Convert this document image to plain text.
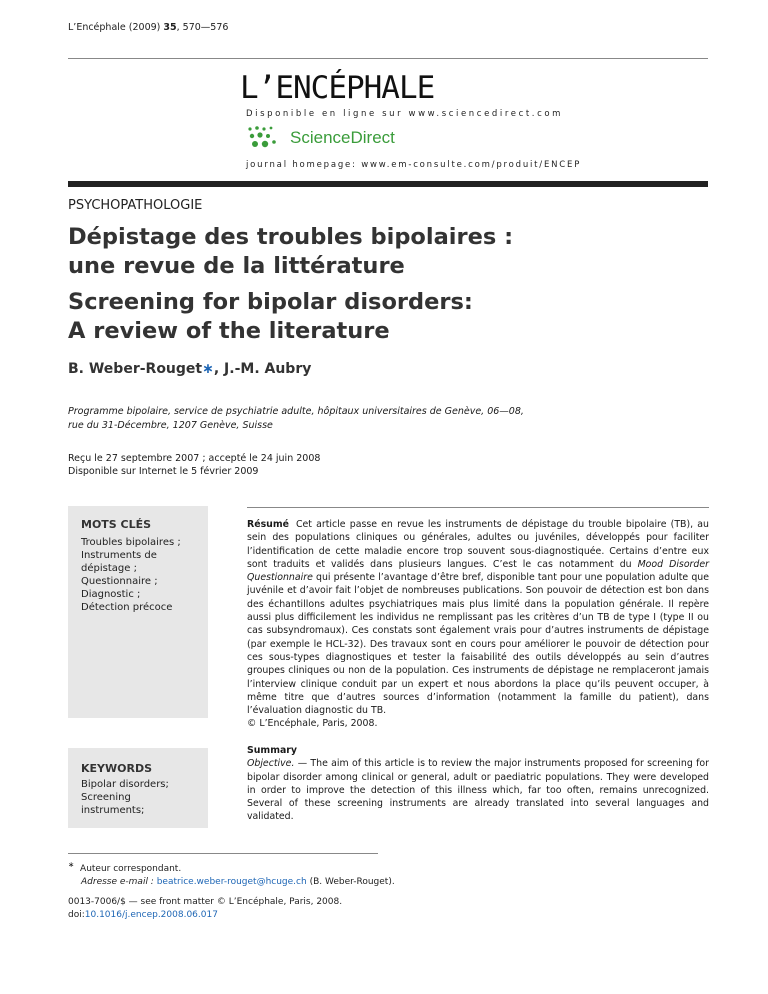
L’Encéphale (2009) 35, 570—576
L’ENCÉPHALE
Disponible en ligne sur www.sciencedirect.com
ScienceDirect
journal homepage: www.em-consulte.com/produit/ENCEP
PSYCHOPATHOLOGIE
Dépistage des troubles bipolaires :
une revue de la littérature
Screening for bipolar disorders:
A review of the literature
B. Weber-Rouget∗, J.-M. Aubry
Programme bipolaire, service de psychiatrie adulte, hôpitaux universitaires de Genève, 06—08,
rue du 31-Décembre, 1207 Genève, Suisse
Reçu le 27 septembre 2007 ; accepté le 24 juin 2008
Disponible sur Internet le 5 février 2009
MOTS CLÉS
Troubles bipolaires ;
Instruments de
dépistage ;
Questionnaire ;
Diagnostic ;
Détection précoce
KEYWORDS
Bipolar disorders;
Screening
instruments;
Résumé Cet article passe en revue les instruments de dépistage du trouble bipolaire (TB), au sein des populations cliniques ou générales, adultes ou juvéniles, développés pour faciliter l’identification de cette maladie encore trop souvent sous-diagnostiquée. Certains d’entre eux sont traduits et validés dans plusieurs langues. C’est le cas notamment du Mood Disorder Questionnaire qui présente l’avantage d’être bref, disponible tant pour une population adulte que juvénile et d’avoir fait l’objet de nombreuses publications. Son pouvoir de détection est bon dans des échantillons adultes psychiatriques mais plus limité dans la population générale. Il repère aussi plus difficilement les individus ne remplissant pas les critères d’un TB de type I (type II ou cas subsyndromaux). Ces constats sont également vrais pour d’autres instruments de dépistage (par exemple le HCL-32). Des travaux sont en cours pour améliorer le pouvoir de détection pour ces sous-types diagnostiques et tester la faisabilité des outils développés au sein d’autres groupes cliniques ou non de la population. Ces instruments de dépistage ne remplaceront jamais l’interview clinique conduit par un expert et nous abordons la place qu’ils peuvent occuper, à même titre que d’autres sources d’information (notamment la famille du patient), dans l’évaluation diagnostic du TB.
© L’Encéphale, Paris, 2008.
Summary
Objective. — The aim of this article is to review the major instruments proposed for screening for bipolar disorder among clinical or general, adult or paediatric populations. They were developed in order to improve the detection of this illness which, far too often, remains unrecognized. Several of these screening instruments are already translated into several languages and validated.
∗ Auteur correspondant.
Adresse e-mail : beatrice.weber-rouget@hcuge.ch (B. Weber-Rouget).
0013-7006/$ — see front matter © L’Encéphale, Paris, 2008.
doi:10.1016/j.encep.2008.06.017
